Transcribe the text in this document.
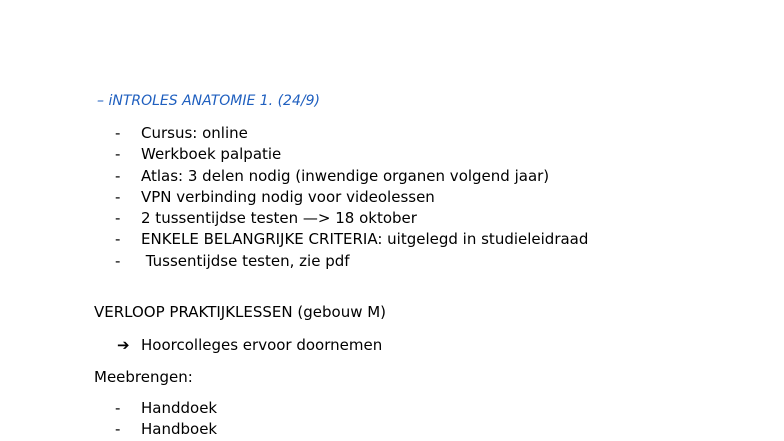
– iNTROLES ANATOMIE 1. (24/9)
- Cursus: online
- Werkboek palpatie
- Atlas: 3 delen nodig (inwendige organen volgend jaar)
- VPN verbinding nodig voor videolessen
- 2 tussentijdse testen —> 18 oktober
- ENKELE BELANGRIJKE CRITERIA: uitgelegd in studieleidraad
- Tussentijdse testen, zie pdf
VERLOOP PRAKTIJKLESSEN (gebouw M)
➔ Hoorcolleges ervoor doornemen
Meebrengen:
- Handdoek
- Handboek
